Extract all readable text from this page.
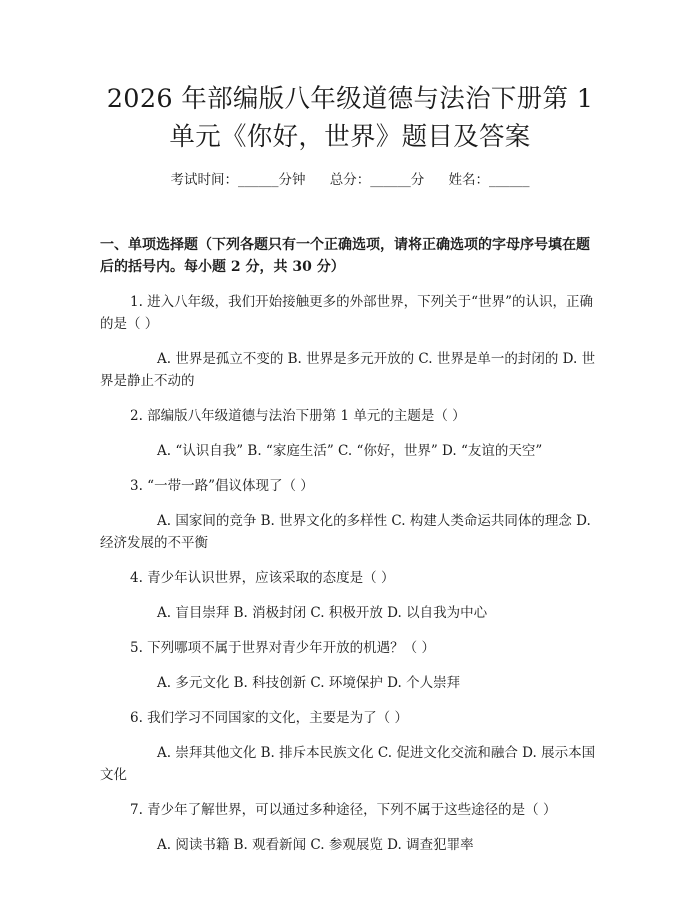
2026 年部编版八年级道德与法治下册第 1 单元《你好，世界》题目及答案
考试时间：______分钟 总分：______分 姓名：______
一、单项选择题（下列各题只有一个正确选项，请将正确选项的字母序号填在题后的括号内。每小题 2 分，共 30 分）
1. 进入八年级，我们开始接触更多的外部世界，下列关于“世界”的认识，正确的是（ ）
A. 世界是孤立不变的 B. 世界是多元开放的 C. 世界是单一的封闭的 D. 世界是静止不动的
2. 部编版八年级道德与法治下册第 1 单元的主题是（ ）
A. “认识自我” B. “家庭生活” C. “你好，世界” D. “友谊的天空”
3. “一带一路”倡议体现了（ ）
A. 国家间的竞争 B. 世界文化的多样性 C. 构建人类命运共同体的理念 D. 经济发展的不平衡
4. 青少年认识世界，应该采取的态度是（ ）
A. 盲目崇拜 B. 消极封闭 C. 积极开放 D. 以自我为中心
5. 下列哪项不属于世界对青少年开放的机遇？（ ）
A. 多元文化 B. 科技创新 C. 环境保护 D. 个人崇拜
6. 我们学习不同国家的文化，主要是为了（ ）
A. 崇拜其他文化 B. 排斥本民族文化 C. 促进文化交流和融合 D. 展示本国文化
7. 青少年了解世界，可以通过多种途径，下列不属于这些途径的是（ ）
A. 阅读书籍 B. 观看新闻 C. 参观展览 D. 调查犯罪率
